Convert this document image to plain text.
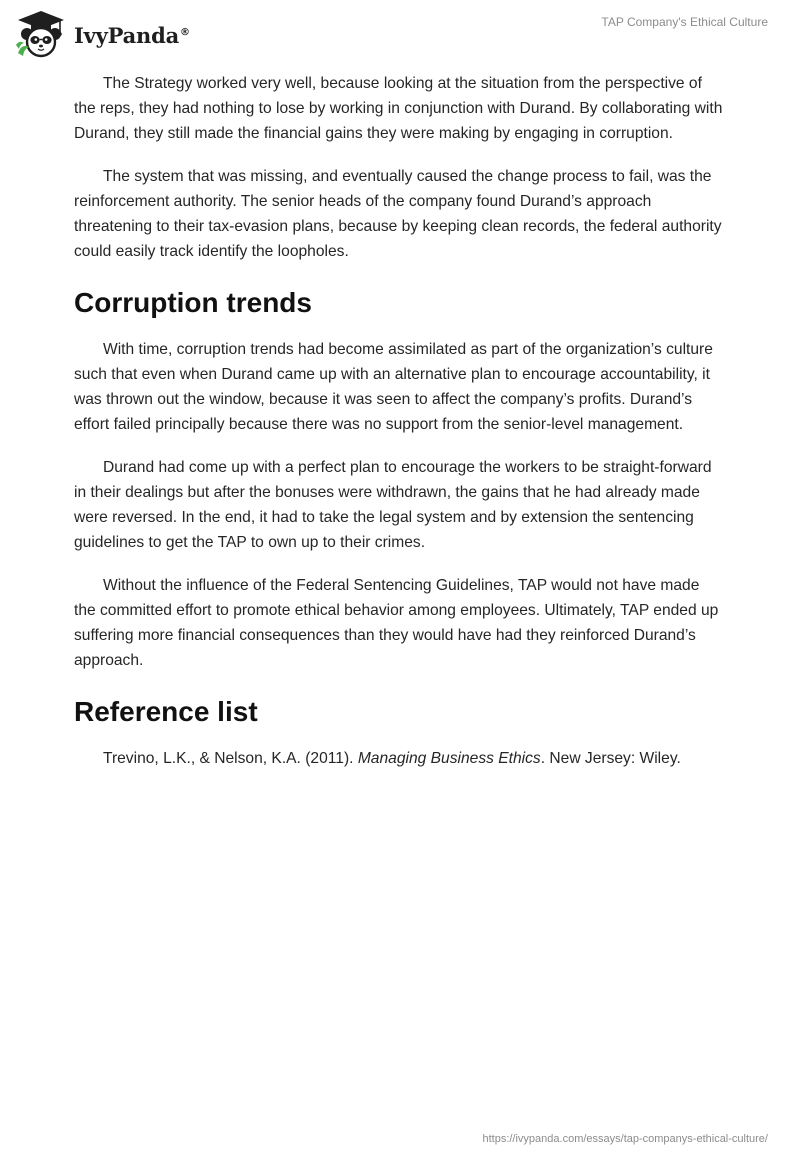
IvyPanda®
TAP Company's Ethical Culture

The Strategy worked very well, because looking at the situation from the perspective of the reps, they had nothing to lose by working in conjunction with Durand. By collaborating with Durand, they still made the financial gains they were making by engaging in corruption.

The system that was missing, and eventually caused the change process to fail, was the reinforcement authority. The senior heads of the company found Durand’s approach threatening to their tax-evasion plans, because by keeping clean records, the federal authority could easily track identify the loopholes.

Corruption trends

With time, corruption trends had become assimilated as part of the organization’s culture such that even when Durand came up with an alternative plan to encourage accountability, it was thrown out the window, because it was seen to affect the company’s profits. Durand’s effort failed principally because there was no support from the senior-level management.

Durand had come up with a perfect plan to encourage the workers to be straight-forward in their dealings but after the bonuses were withdrawn, the gains that he had already made were reversed. In the end, it had to take the legal system and by extension the sentencing guidelines to get the TAP to own up to their crimes.

Without the influence of the Federal Sentencing Guidelines, TAP would not have made the committed effort to promote ethical behavior among employees. Ultimately, TAP ended up suffering more financial consequences than they would have had they reinforced Durand’s approach.

Reference list

Trevino, L.K., & Nelson, K.A. (2011). Managing Business Ethics. New Jersey: Wiley.

https://ivypanda.com/essays/tap-companys-ethical-culture/
